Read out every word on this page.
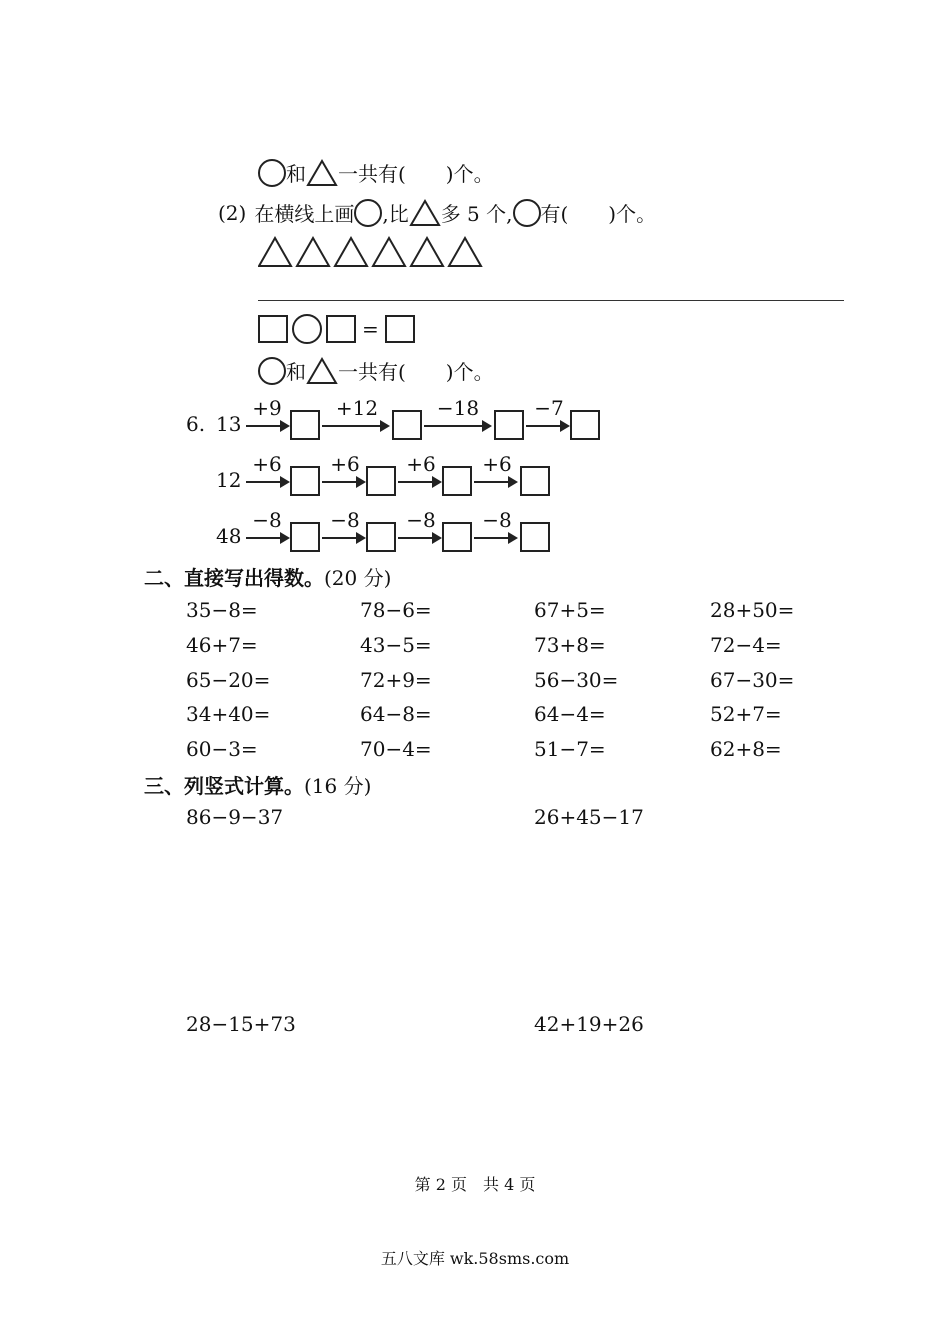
和 一共有(　　)个。
(2) 在横线上画 ,比 多 5 个, 有(　　)个。
=
和 一共有(　　)个。
6. 13
+9	+12	−18	−7
12
+6	+6	+6	+6
48
−8	−8	−8	−8
二、直接写出得数。(20 分)
35−8=	78−6=	67+5=	28+50=
46+7=	43−5=	73+8=	72−4=
65−20=	72+9=	56−30=	67−30=
34+40=	64−8=	64−4=	52+7=
60−3=	70−4=	51−7=	62+8=
三、列竖式计算。(16 分)
86−9−37	26+45−17
28−15+73	42+19+26
第 2 页　共 4 页
五八文库 wk.58sms.com
